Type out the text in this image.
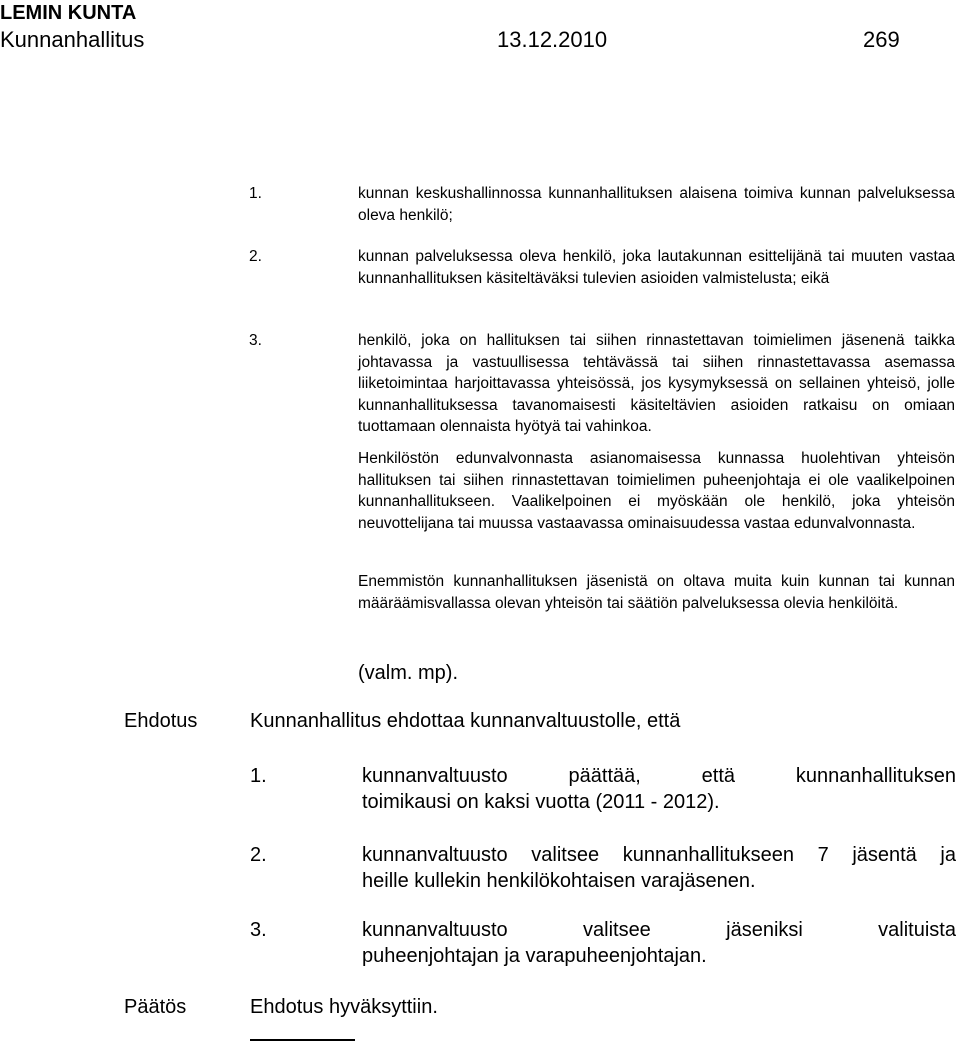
LEMIN KUNTA
Kunnanhallitus	13.12.2010	269
1.	kunnan keskushallinnossa kunnanhallituksen alaisena toimiva kunnan palveluksessa oleva henkilö;
2.	kunnan palveluksessa oleva henkilö, joka lautakunnan esittelijänä tai muuten vastaa kunnanhallituksen käsiteltäväksi tulevien asioiden valmistelusta; eikä
3.	henkilö, joka on hallituksen tai siihen rinnastettavan toimielimen jäsenenä taikka johtavassa ja vastuullisessa tehtävässä tai siihen rinnastettavassa asemassa liiketoimintaa harjoittavassa yhteisössä, jos kysymyksessä on sellainen yhteisö, jolle kunnanhallituksessa tavanomaisesti käsiteltävien asioiden ratkaisu on omiaan tuottamaan olennaista hyötyä tai vahinkoa.
Henkilöstön edunvalvonnasta asianomaisessa kunnassa huolehtivan yhteisön hallituksen tai siihen rinnastettavan toimielimen puheenjohtaja ei ole vaalikelpoinen kunnanhallitukseen. Vaalikelpoinen ei myöskään ole henkilö, joka yhteisön neuvottelijana tai muussa vastaavassa ominaisuudessa vastaa edunvalvonnasta.
Enemmistön kunnanhallituksen jäsenistä on oltava muita kuin kunnan tai kunnan määräämisvallassa olevan yhteisön tai säätiön palveluksessa olevia henkilöitä.
(valm. mp).
Ehdotus	Kunnanhallitus ehdottaa kunnanvaltuustolle, että
1.	kunnanvaltuusto päättää, että kunnanhallituksen
toimikausi on kaksi vuotta (2011 - 2012).
2.	kunnanvaltuusto valitsee kunnanhallitukseen 7 jäsentä ja
heille kullekin henkilökohtaisen varajäsenen.
3.	kunnanvaltuusto valitsee jäseniksi valituista
puheenjohtajan ja varapuheenjohtajan.
Päätös	Ehdotus hyväksyttiin.
